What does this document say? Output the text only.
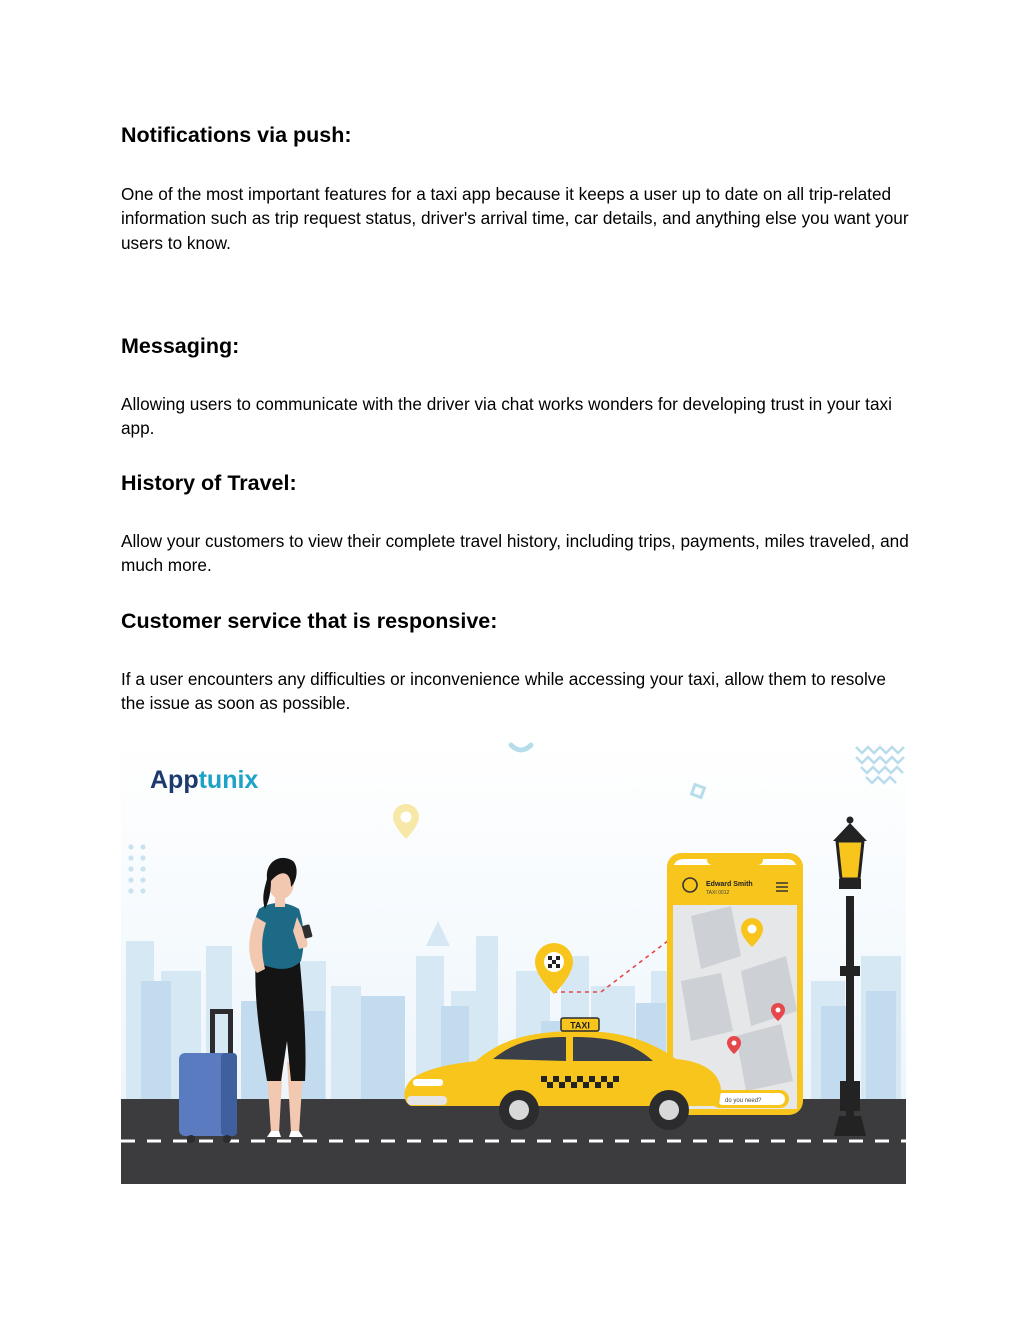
Notifications via push:

One of the most important features for a taxi app because it keeps a user up to date on all trip-related information such as trip request status, driver's arrival time, car details, and anything else you want your users to know.

Messaging:

Allowing users to communicate with the driver via chat works wonders for developing trust in your taxi app.

History of Travel:

Allow your customers to view their complete travel history, including trips, payments, miles traveled, and much more.

Customer service that is responsive:

If a user encounters any difficulties or inconvenience while accessing your taxi, allow them to resolve the issue as soon as possible.

Apptunix
Edward Smith
TAXI 0012
do you need?
TAXI
